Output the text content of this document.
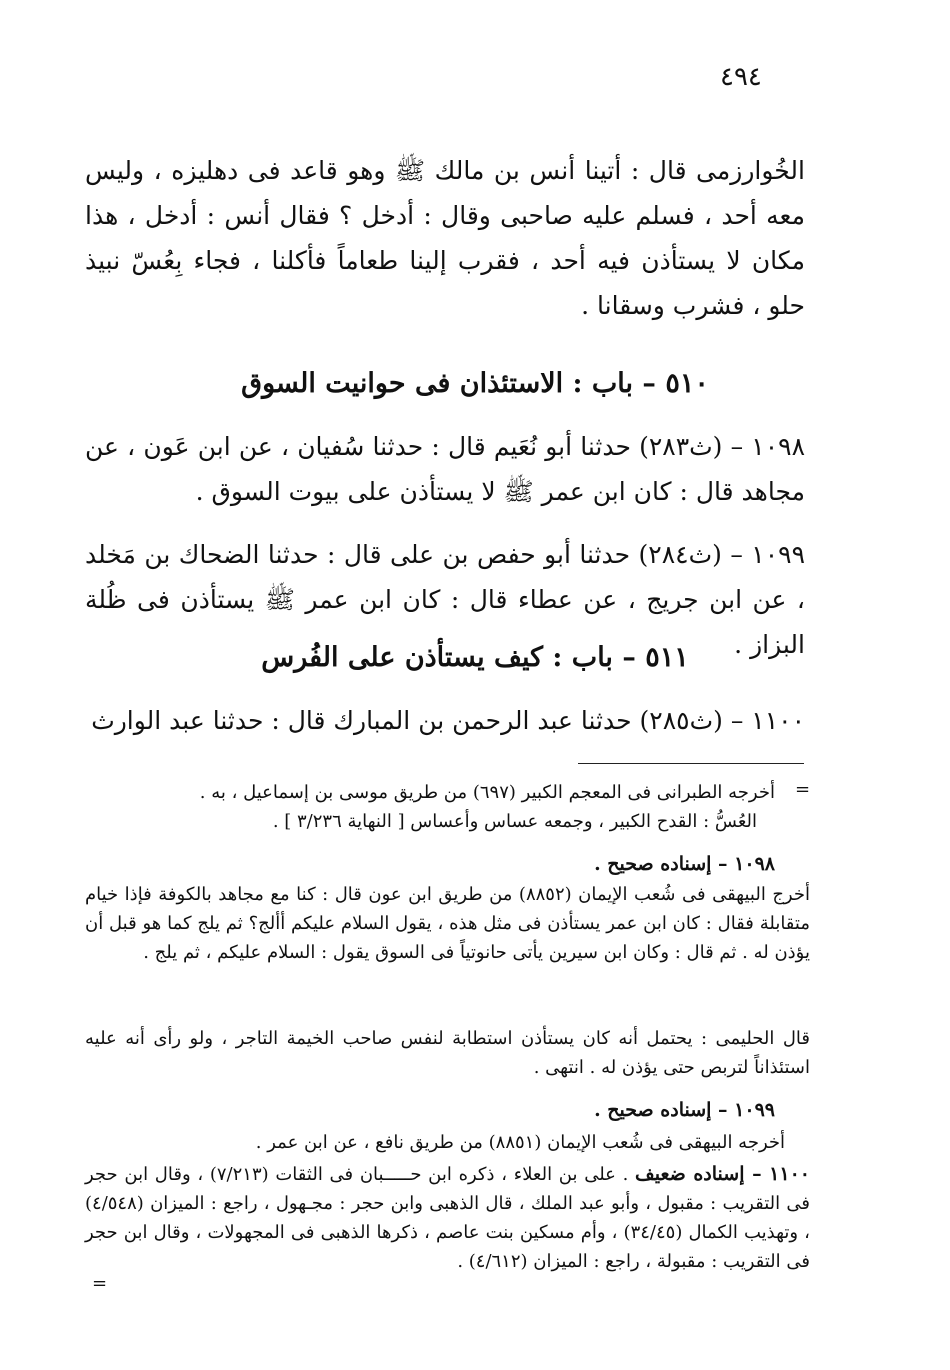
٤٩٤
الخُوارزمى قال : أتينا أنس بن مالك ﷺ وهو قاعد فى دهليزه ، وليس معه أحد ، فسلم عليه صاحبى وقال : أدخل ؟ فقال أنس : أدخل ، هذا مكان لا يستأذن فيه أحد ، فقرب إلينا طعاماً فأكلنا ، فجاء بِعُسّ نبيذ حلو ، فشرب وسقانا .
٥١٠ – باب : الاستئذان فى حوانيت السوق
١٠٩٨ – (ث٢٨٣) حدثنا أبو نُعَيم قال : حدثنا سُفيان ، عن ابن عَون ، عن مجاهد قال : كان ابن عمر ﷺ لا يستأذن على بيوت السوق .
١٠٩٩ – (ث٢٨٤) حدثنا أبو حفص بن على قال : حدثنا الضحاك بن مَخلد ، عن ابن جريج ، عن عطاء قال : كان ابن عمر ﷺ يستأذن فى ظُلة البزاز .
٥١١ – باب : كيف يستأذن على الفُرس
١١٠٠ – (ث٢٨٥) حدثنا عبد الرحمن بن المبارك قال : حدثنا عبد الوارث
أخرجه الطبرانى فى المعجم الكبير (٦٩٧) من طريق موسى بن إسماعيل ، به .
العُسُّ : القدح الكبير ، وجمعه عساس وأعساس [ النهاية ٣/٢٣٦ ] .
=
١٠٩٨ – إسناده صحيح .
أخرج البيهقى فى شُعب الإيمان (٨٨٥٢) من طريق ابن عون قال : كنا مع مجاهد بالكوفة فإذا خيام متقابلة فقال : كان ابن عمر يستأذن فى مثل هذه ، يقول السلام عليكم أألج؟ ثم يلج كما هو قبل أن يؤذن له . ثم قال : وكان ابن سيرين يأتى حانوتياً فى السوق يقول : السلام عليكم ، ثم يلج .
قال الحليمى : يحتمل أنه كان يستأذن استطابة لنفس صاحب الخيمة التاجر ، ولو رأى أنه عليه استئذاناً لتربص حتى يؤذن له . انتهى .
١٠٩٩ – إسناده صحيح .
أخرجه البيهقى فى شُعب الإيمان (٨٨٥١) من طريق نافع ، عن ابن عمر .
١١٠٠ – إسناده ضعيف . على بن العلاء ، ذكره ابن حـــــبان فى الثقات (٧/٢١٣) ، وقال ابن حجر فى التقريب : مقبول ، وأبو عبد الملك ، قال الذهبى وابن حجر : مجـهول ، راجع : الميزان (٤/٥٤٨) ، وتهذيب الكمال (٣٤/٤٥) ، وأم مسكين بنت عاصم ، ذكرها الذهبى فى المجهولات ، وقال ابن حجر فى التقريب : مقبولة ، راجع : الميزان (٤/٦١٢) .
=
